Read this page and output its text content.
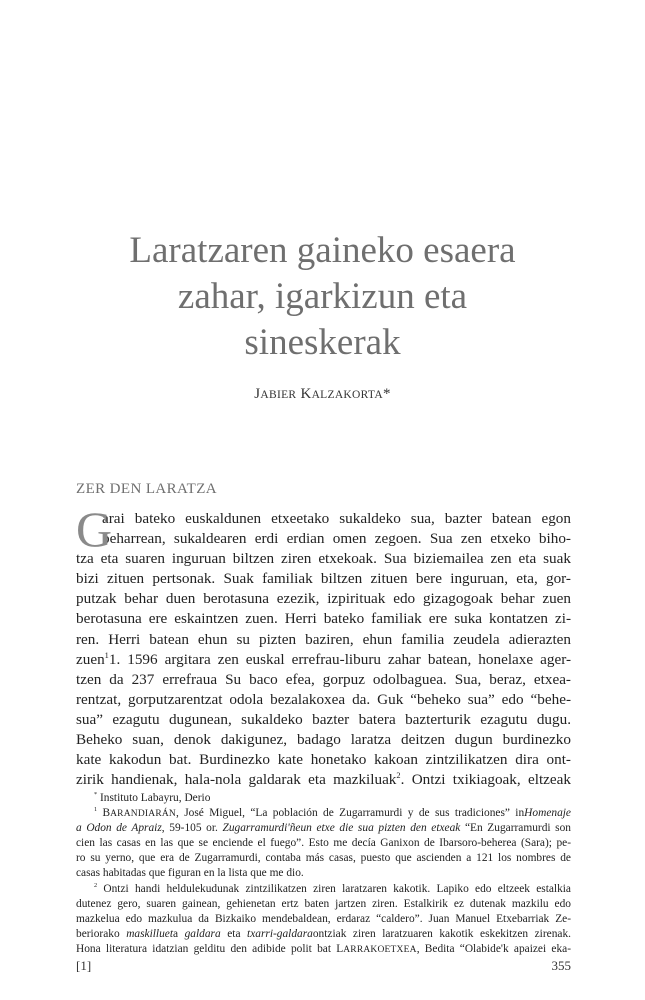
Laratzaren gaineko esaera
zahar, igarkizun eta
sineskerak

JABIER KALZAKORTA*

ZER DEN LARATZA
G
arai bateko euskaldunen etxeetako sukaldeko sua, bazter batean egon
beharrean, sukaldearen erdi erdian omen zegoen. Sua zen etxeko biho-
tza eta suaren inguruan biltzen ziren etxekoak. Sua biziemailea zen eta suak
bizi zituen pertsonak. Suak familiak biltzen zituen bere inguruan, eta, gor-
putzak behar duen berotasuna ezezik, izpirituak edo gizagogoak behar zuen
berotasuna ere eskaintzen zuen. Herri bateko familiak ere suka kontatzen zi-
ren. Herri batean ehun su pizten baziren, ehun familia zeudela adierazten
zuen$^1$1. 1596 argitara zen euskal errefrau-liburu zahar batean, honelaxe ager-
tzen da 237 errefraua Su baco efea, gorpuz odolbaguea. Sua, beraz, etxea-
rentzat, gorputzarentzat odola bezalakoxea da. Guk “beheko sua” edo “behe-
sua” ezagutu dugunean, sukaldeko bazter batera bazterturik ezagutu dugu.
Beheko suan, denok dakigunez, badago laratza deitzen dugun burdinezko
kate kakodun bat. Burdinezko kate honetako kakoan zintzilikatzen dira ont-
zirik handienak, hala-nola galdarak eta mazkiluak$^2$. Ontzi txikiagoak, eltzeak
* Instituto Labayru, Derio
$^1$ BARANDIARÁN, José Miguel, “La población de Zugarramurdi y de sus tradiciones” inHomenaje
a Odon de Apraiz, 59-105 or. Zugarramurdi'ñeun etxe die sua pizten den etxeak “En Zugarramurdi son
cien las casas en las que se enciende el fuego”. Esto me decía Ganixon de Ibarsoro-beherea (Sara); pe-
ro su yerno, que era de Zugarramurdi, contaba más casas, puesto que ascienden a 121 los nombres de
casas habitadas que figuran en la lista que me dio.
$^2$ Ontzi handi heldulekudunak zintzilikatzen ziren laratzaren kakotik. Lapiko edo eltzeek estalkia
dutenez gero, suaren gainean, gehienetan ertz baten jartzen ziren. Estalkirik ez dutenak mazkilu edo
mazkelua edo mazkulua da Bizkaiko mendebaldean, erdaraz “caldero”. Juan Manuel Etxebarriak Ze-
beriorako maskillueta galdara eta txarri-galdaraontziak ziren laratzuaren kakotik eskekitzen zirenak.
Hona literatura idatzian gelditu den adibide polit bat LARRAKOETXEA, Bedita “Olabide'k apaizei eka-
[1]	355
